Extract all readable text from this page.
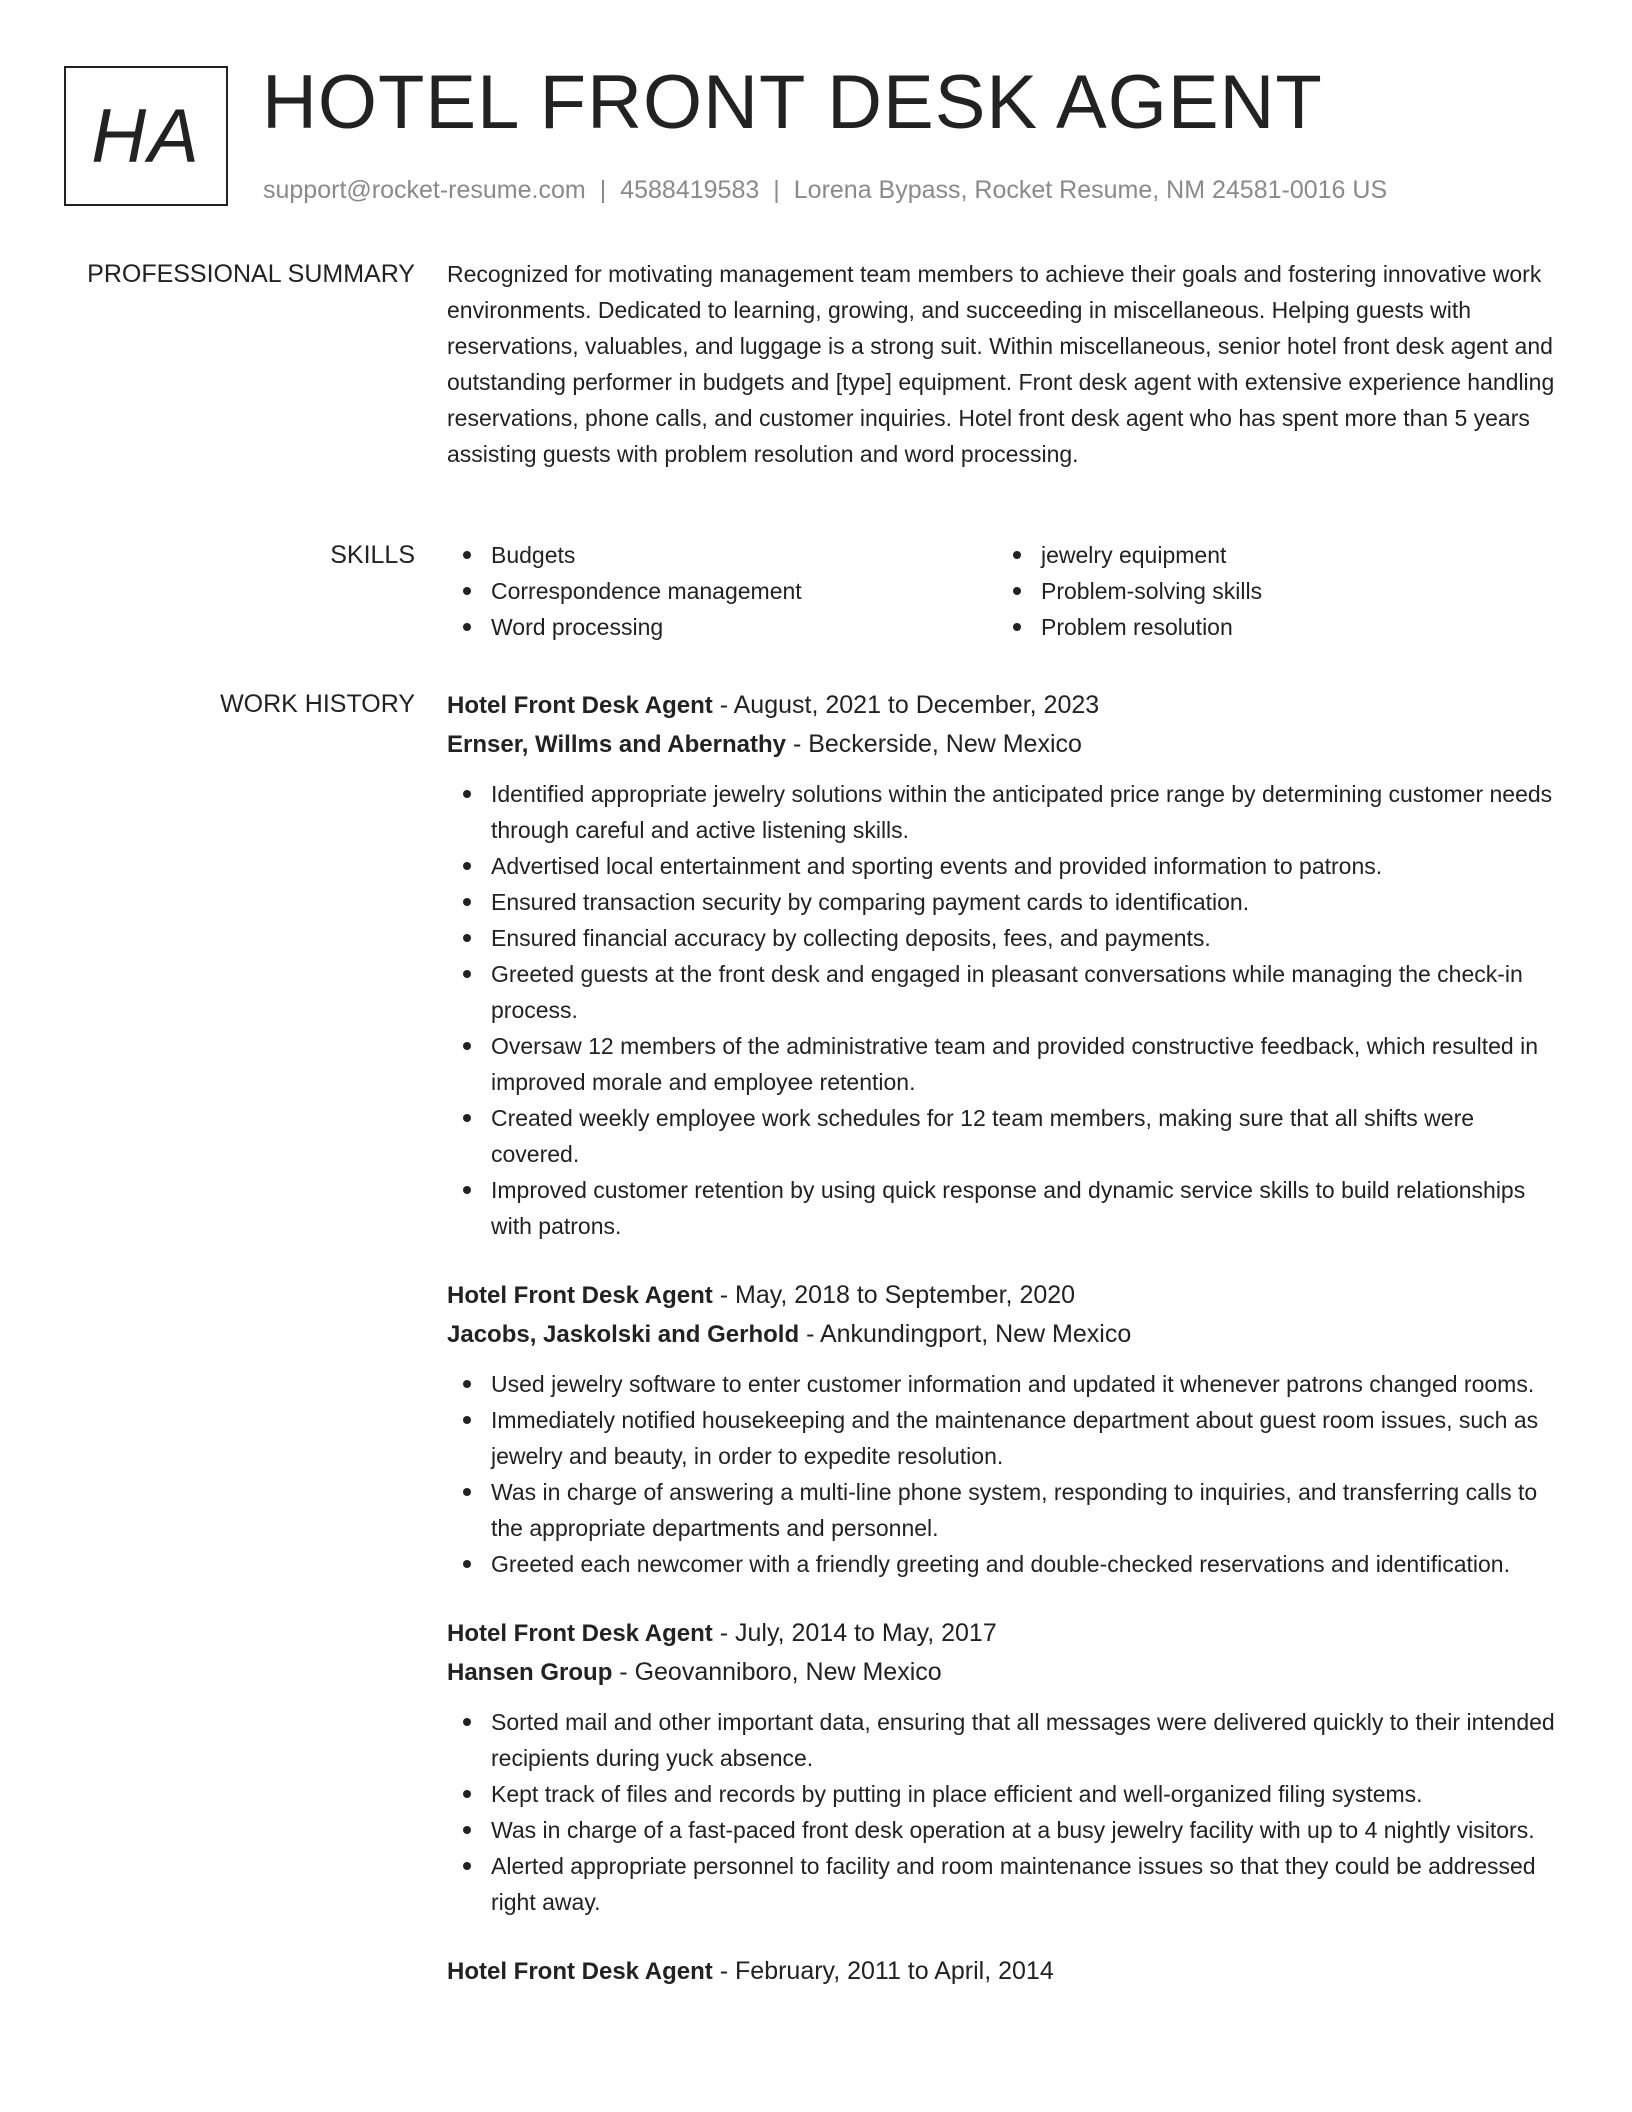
HA HOTEL FRONT DESK AGENT
support@rocket-resume.com | 4588419583 | Lorena Bypass, Rocket Resume, NM 24581-0016 US
PROFESSIONAL SUMMARY Recognized for motivating management team members to achieve their goals and fostering innovative work environments. Dedicated to learning, growing, and succeeding in miscellaneous. Helping guests with reservations, valuables, and luggage is a strong suit. Within miscellaneous, senior hotel front desk agent and outstanding performer in budgets and [type] equipment. Front desk agent with extensive experience handling reservations, phone calls, and customer inquiries. Hotel front desk agent who has spent more than 5 years assisting guests with problem resolution and word processing.

SKILLS	Budgets
Correspondence management
Word processing
jewelry equipment
Problem-solving skills
Problem resolution
WORK HISTORY Hotel Front Desk Agent - August, 2021 to December, 2023
Ernser, Willms and Abernathy - Beckerside, New Mexico
Identified appropriate jewelry solutions within the anticipated price range by determining customer needs through careful and active listening skills.
Advertised local entertainment and sporting events and provided information to patrons.
Ensured transaction security by comparing payment cards to identification.
Ensured financial accuracy by collecting deposits, fees, and payments.
Greeted guests at the front desk and engaged in pleasant conversations while managing the check-in process.
Oversaw 12 members of the administrative team and provided constructive feedback, which resulted in improved morale and employee retention.
Created weekly employee work schedules for 12 team members, making sure that all shifts were covered.
Improved customer retention by using quick response and dynamic service skills to build relationships with patrons.
Hotel Front Desk Agent - May, 2018 to September, 2020
Jacobs, Jaskolski and Gerhold - Ankundingport, New Mexico
Used jewelry software to enter customer information and updated it whenever patrons changed rooms.
Immediately notified housekeeping and the maintenance department about guest room issues, such as jewelry and beauty, in order to expedite resolution.
Was in charge of answering a multi-line phone system, responding to inquiries, and transferring calls to the appropriate departments and personnel.
Greeted each newcomer with a friendly greeting and double-checked reservations and identification.
Hotel Front Desk Agent - July, 2014 to May, 2017
Hansen Group - Geovanniboro, New Mexico
Sorted mail and other important data, ensuring that all messages were delivered quickly to their intended recipients during yuck absence.
Kept track of files and records by putting in place efficient and well-organized filing systems.
Was in charge of a fast-paced front desk operation at a busy jewelry facility with up to 4 nightly visitors.
Alerted appropriate personnel to facility and room maintenance issues so that they could be addressed right away.
Hotel Front Desk Agent - February, 2011 to April, 2014
